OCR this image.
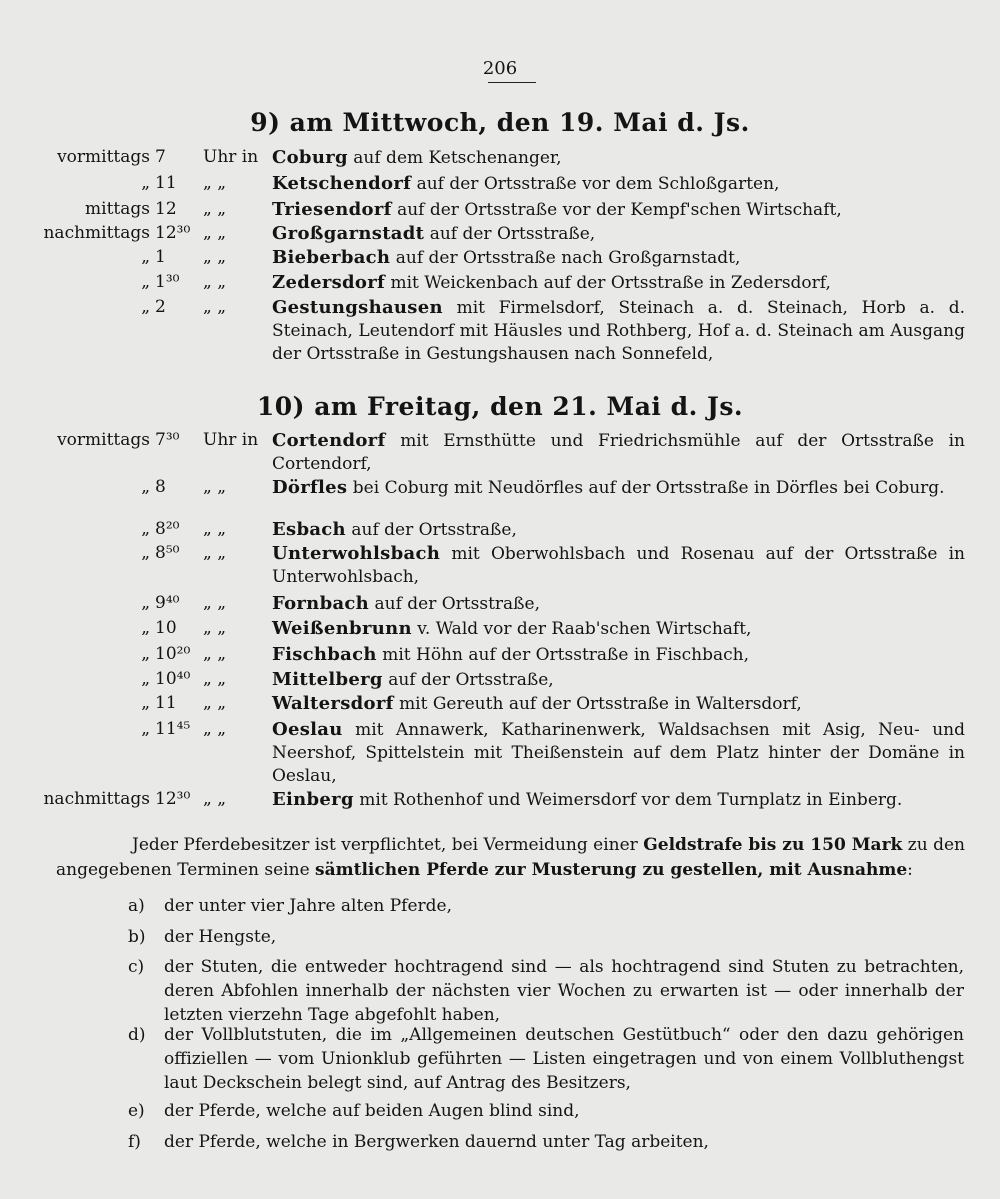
206
9) am Mittwoch, den 19. Mai d. Js.
vormittags 7	Uhr in Coburg auf dem Ketschenanger,
„ 11	„ „	Ketschendorf auf der Ortsstraße vor dem Schloßgarten,
mittags 12	„ „	Triesendorf auf der Ortsstraße vor der Kempf'schen Wirtschaft,
nachmittags 12³⁰ „ „	Großgarnstadt auf der Ortsstraße,
„ 1	„ „	Bieberbach auf der Ortsstraße nach Großgarnstadt,
„ 1³⁰	„ „	Zedersdorf mit Weickenbach auf der Ortsstraße in Zedersdorf,
„ 2	„ „	Gestungshausen mit Firmelsdorf, Steinach a. d. Steinach, Horb a. d. Steinach, Leutendorf mit Häusles und Rothberg, Hof a. d. Steinach am Ausgang der Ortsstraße in Gestungshausen nach Sonnefeld,
10) am Freitag, den 21. Mai d. Js.
vormittags 7³⁰	Uhr in Cortendorf mit Ernsthütte und Friedrichsmühle auf der Ortsstraße in Cortendorf,
„ 8	„ „	Dörfles bei Coburg mit Neudörfles auf der Ortsstraße in Dörfles bei Coburg.
„ 8²⁰	„ „	Esbach auf der Ortsstraße,
„ 8⁵⁰	„ „	Unterwohlsbach mit Oberwohlsbach und Rosenau auf der Ortsstraße in Unterwohlsbach,
„ 9⁴⁰	„ „	Fornbach auf der Ortsstraße,
„ 10	„ „	Weißenbrunn v. Wald vor der Raab'schen Wirtschaft,
„ 10²⁰ „ „	Fischbach mit Höhn auf der Ortsstraße in Fischbach,
„ 10⁴⁰ „ „	Mittelberg auf der Ortsstraße,
„ 11	„ „	Waltersdorf mit Gereuth auf der Ortsstraße in Waltersdorf,
„ 11⁴⁵ „ „	Oeslau mit Annawerk, Katharinenwerk, Waldsachsen mit Asig, Neu- und Neershof, Spittelstein mit Theißenstein auf dem Platz hinter der Domäne in Oeslau,
nachmittags 12³⁰ „ „	Einberg mit Rothenhof und Weimersdorf vor dem Turnplatz in Einberg.
Jeder Pferdebesitzer ist verpflichtet, bei Vermeidung einer Geldstrafe bis zu 150 Mark zu den angegebenen Terminen seine sämtlichen Pferde zur Musterung zu gestellen, mit Ausnahme:
a)	der unter vier Jahre alten Pferde,
b)	der Hengste,
c)	der Stuten, die entweder hochtragend sind — als hochtragend sind Stuten zu betrachten, deren Abfohlen innerhalb der nächsten vier Wochen zu erwarten ist — oder innerhalb der letzten vierzehn Tage abgefohlt haben,
d)	der Vollblutstuten, die im „Allgemeinen deutschen Gestütbuch“ oder den dazu gehörigen offiziellen — vom Unionklub geführten — Listen eingetragen und von einem Vollbluthengst laut Deckschein belegt sind, auf Antrag des Besitzers,
e)	der Pferde, welche auf beiden Augen blind sind,
f)	der Pferde, welche in Bergwerken dauernd unter Tag arbeiten,
